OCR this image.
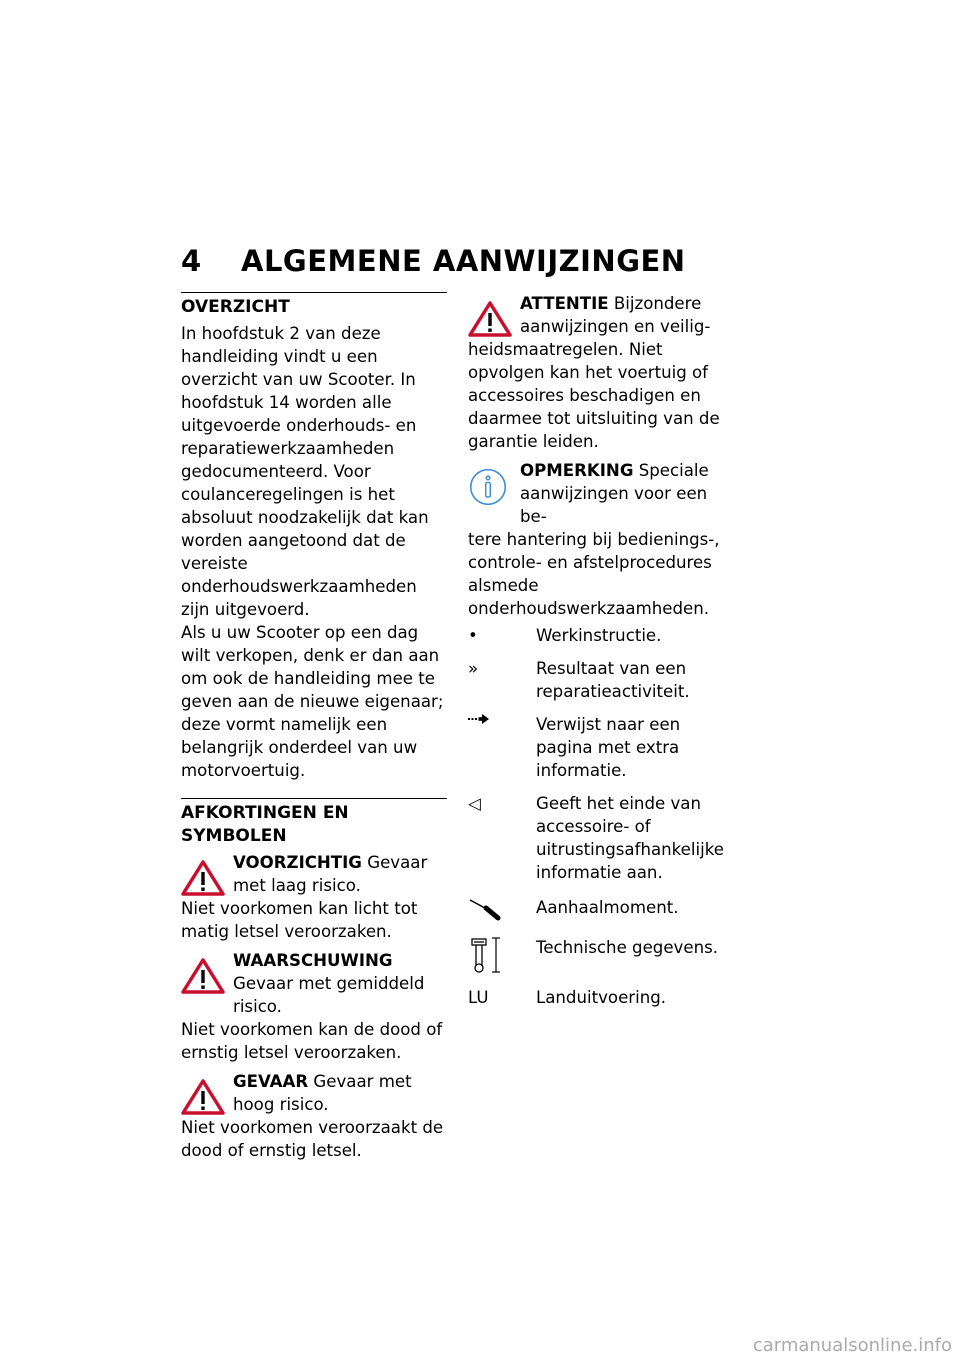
4 ALGEMENE AANWIJZINGEN
OVERZICHT

In hoofdstuk 2 van deze handleiding vindt u een overzicht van uw Scooter. In hoofdstuk 14 worden alle uitgevoerde onderhouds- en reparatiewerkzaamheden gedocumenteerd. Voor coulanceregelingen is het absoluut noodzakelijk dat kan worden aangetoond dat de vereiste onderhoudswerkzaamheden zijn uitgevoerd.

Als u uw Scooter op een dag wilt verkopen, denk er dan aan om ook de handleiding mee te geven aan de nieuwe eigenaar; deze vormt namelijk een belangrijk onderdeel van uw motorvoertuig.

AFKORTINGEN EN SYMBOLEN
VOORZICHTIG Gevaar met laag risico.
Niet voorkomen kan licht tot matig letsel veroorzaken.
WAARSCHUWING Gevaar met gemiddeld risico.
Niet voorkomen kan de dood of ernstig letsel veroorzaken.
GEVAAR Gevaar met hoog risico.
Niet voorkomen veroorzaakt de dood of ernstig letsel.
ATTENTIE Bijzondere aanwijzingen en veilig-
heidsmaatregelen. Niet opvolgen kan het voertuig of accessoires beschadigen en daarmee tot uitsluiting van de garantie leiden.
OPMERKING Speciale aanwijzingen voor een be-
tere hantering bij bedienings-, controle- en afstelprocedures alsmede onderhoudswerkzaamheden.
•	Werkinstructie.
»	Resultaat van een reparatieactiviteit.
Verwijst naar een pagina met extra informatie.
◁	Geeft het einde van accessoire- of uitrustingsafhankelijke informatie aan.
Aanhaalmoment.
Technische gegevens.
LU	Landuitvoering.
carmanualsonline.info
